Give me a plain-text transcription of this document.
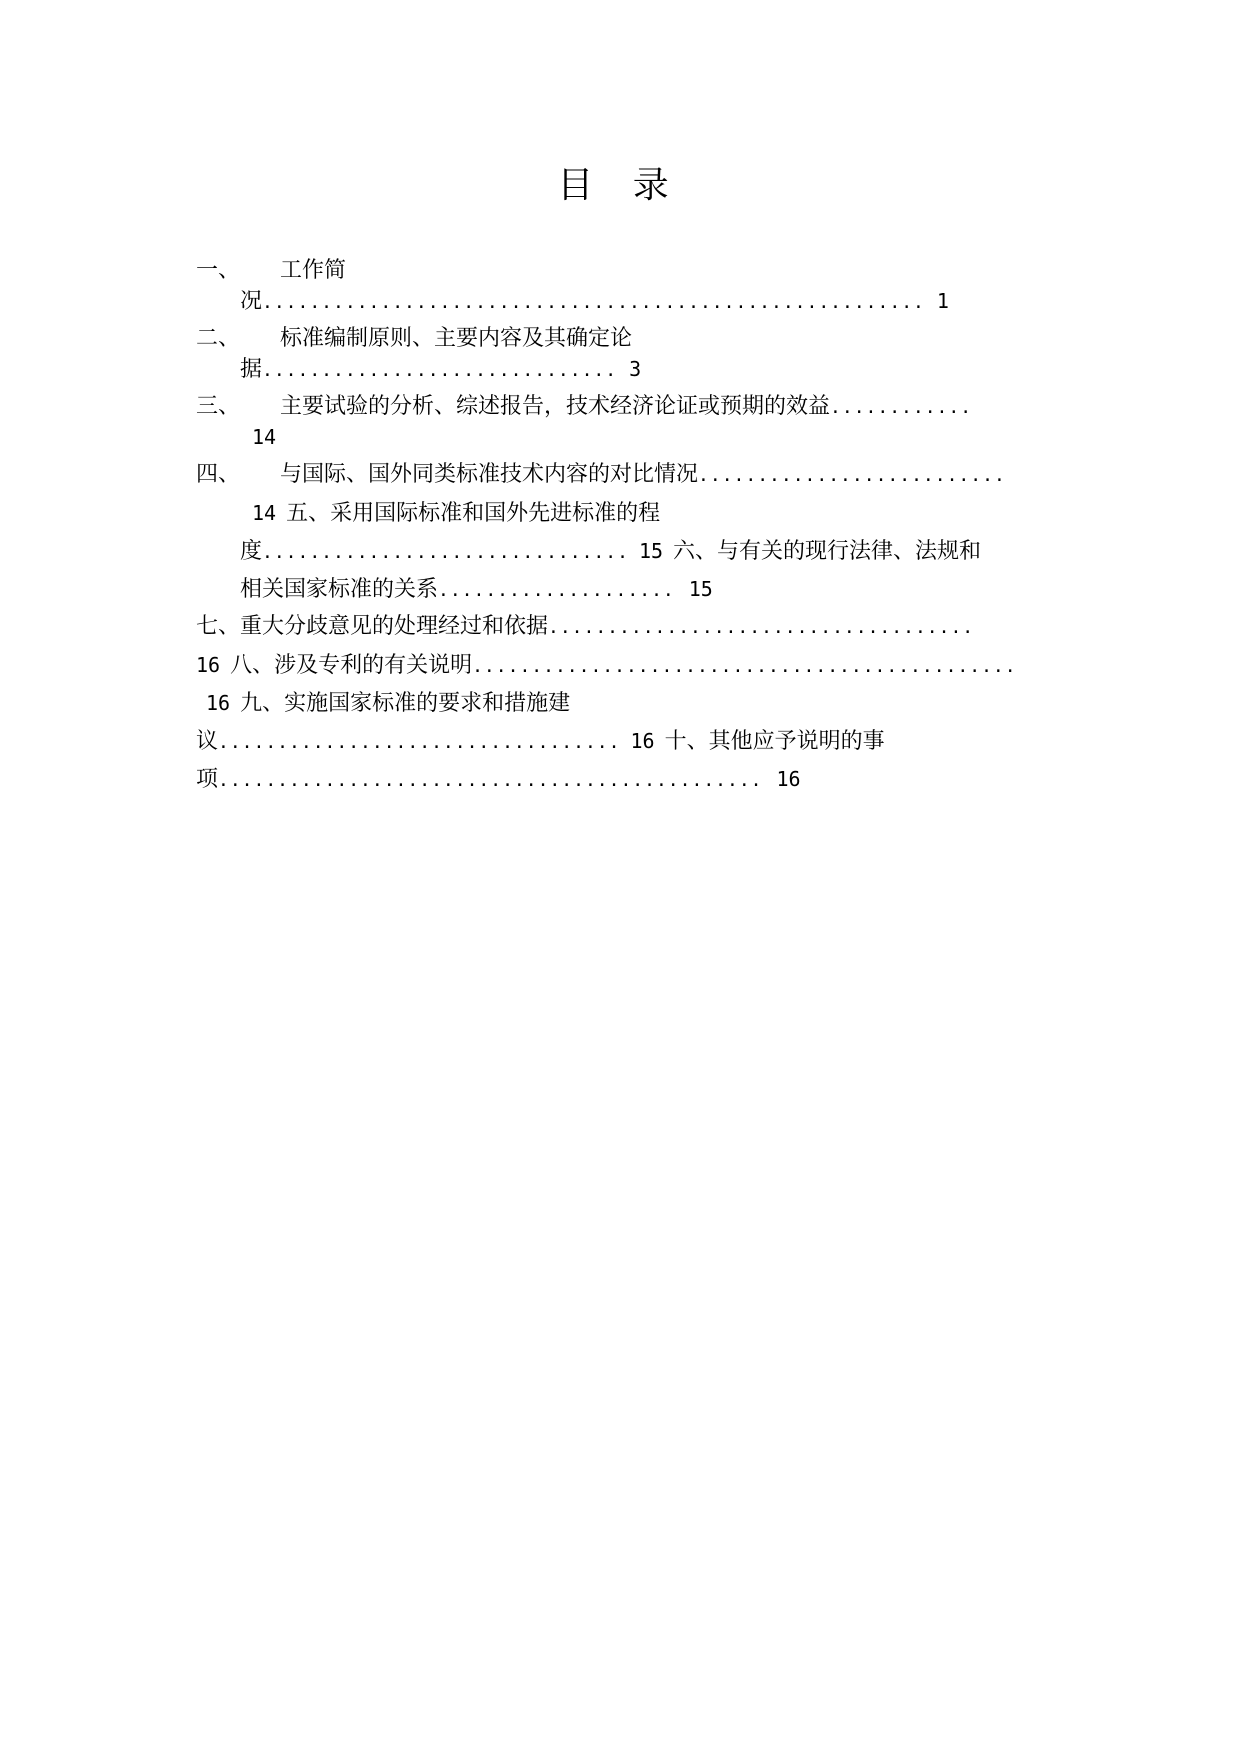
目 录

一、 工作简

况........................................................ 1

二、 标准编制原则、主要内容及其确定论

据.............................. 3

三、 主要试验的分析、综述报告，技术经济论证或预期的效益............

14

四、 与国际、国外同类标准技术内容的对比情况..........................

14 五、采用国际标准和国外先进标准的程

度............................... 15 六、与有关的现行法律、法规和

相关国家标准的关系.................... 15

七、重大分歧意见的处理经过和依据....................................

16 八、涉及专利的有关说明..............................................

16 九、实施国家标准的要求和措施建

议.................................. 16 十、其他应予说明的事

项.............................................. 16
